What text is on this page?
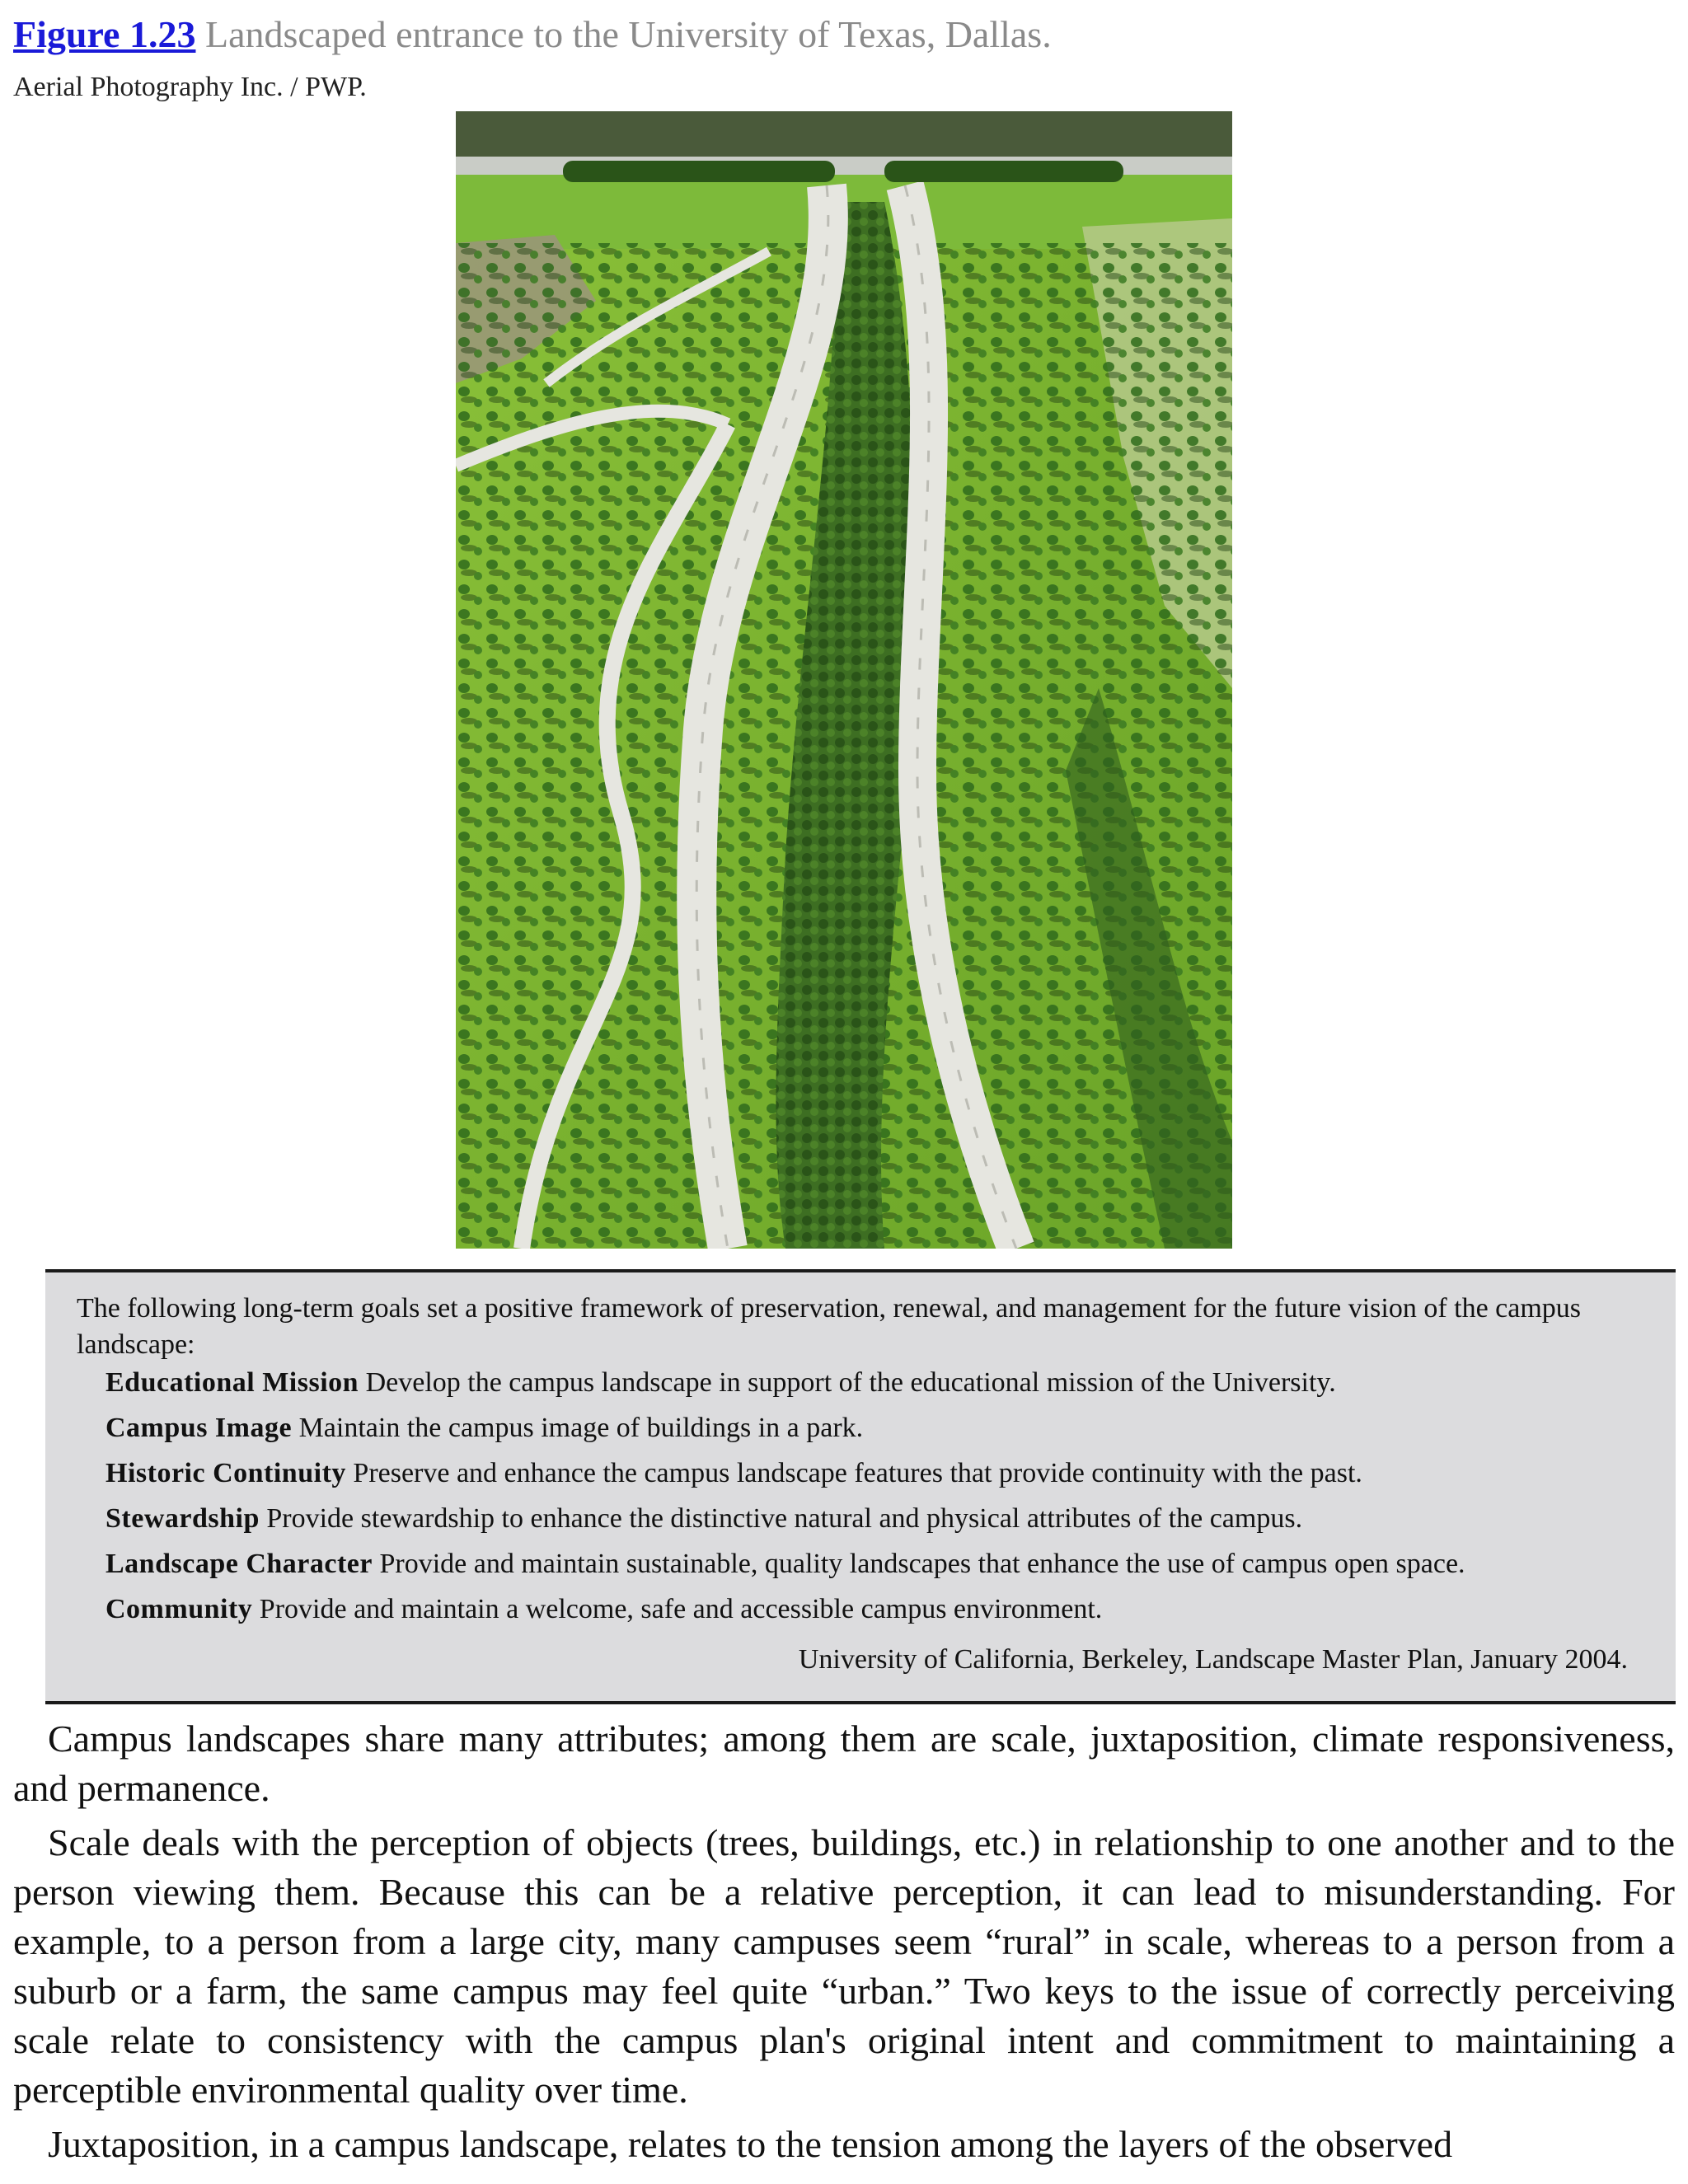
Figure 1.23 Landscaped entrance to the University of Texas, Dallas.
Aerial Photography Inc. / PWP.
The following long-term goals set a positive framework of preservation, renewal, and management for the future vision of the campus landscape:
Educational Mission Develop the campus landscape in support of the educational mission of the University.
Campus Image Maintain the campus image of buildings in a park.
Historic Continuity Preserve and enhance the campus landscape features that provide continuity with the past.
Stewardship Provide stewardship to enhance the distinctive natural and physical attributes of the campus.
Landscape Character Provide and maintain sustainable, quality landscapes that enhance the use of campus open space.
Community Provide and maintain a welcome, safe and accessible campus environment.
University of California, Berkeley, Landscape Master Plan, January 2004.

Campus landscapes share many attributes; among them are scale, juxtaposition, climate responsiveness, and permanence.

Scale deals with the perception of objects (trees, buildings, etc.) in relationship to one another and to the person viewing them. Because this can be a relative perception, it can lead to misunderstanding. For example, to a person from a large city, many campuses seem “rural” in scale, whereas to a person from a suburb or a farm, the same campus may feel quite “urban.” Two keys to the issue of correctly perceiving scale relate to consistency with the campus plan's original intent and commitment to maintaining a perceptible environmental quality over time.

Juxtaposition, in a campus landscape, relates to the tension among the layers of the observed
